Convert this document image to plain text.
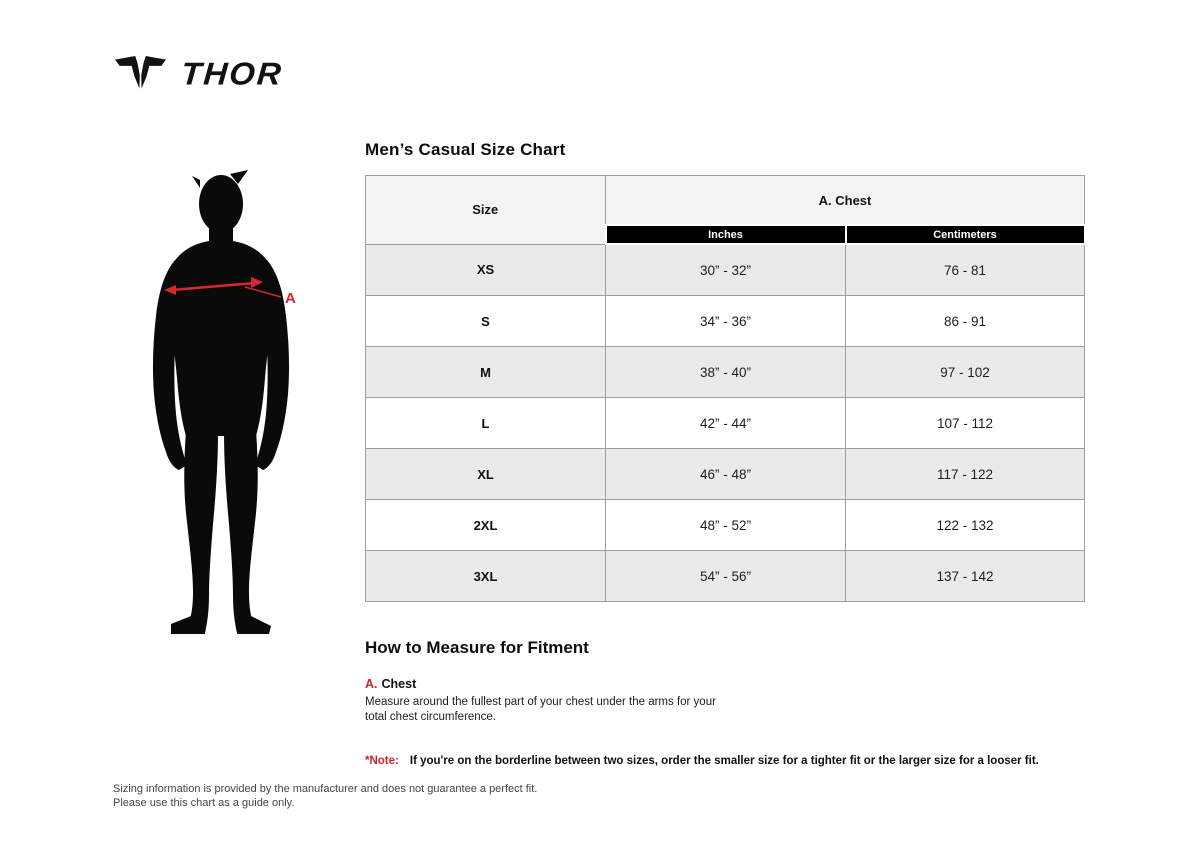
THOR
A
Men’s Casual Size Chart
Size	A. Chest	
	Inches	Centimeters
XS	30” - 32”	76 - 81
S	34” - 36”	86 - 91
M	38” - 40”	97 - 102
L	42” - 44”	107 - 112
XL	46” - 48”	117 - 122
2XL	48” - 52”	122 - 132
3XL	54” - 56”	137 - 142
How to Measure for Fitment
A. Chest
Measure around the fullest part of your chest under the arms for your total chest circumference.
*Note: If you're on the borderline between two sizes, order the smaller size for a tighter fit or the larger size for a looser fit.
Sizing information is provided by the manufacturer and does not guarantee a perfect fit.
Please use this chart as a guide only.
